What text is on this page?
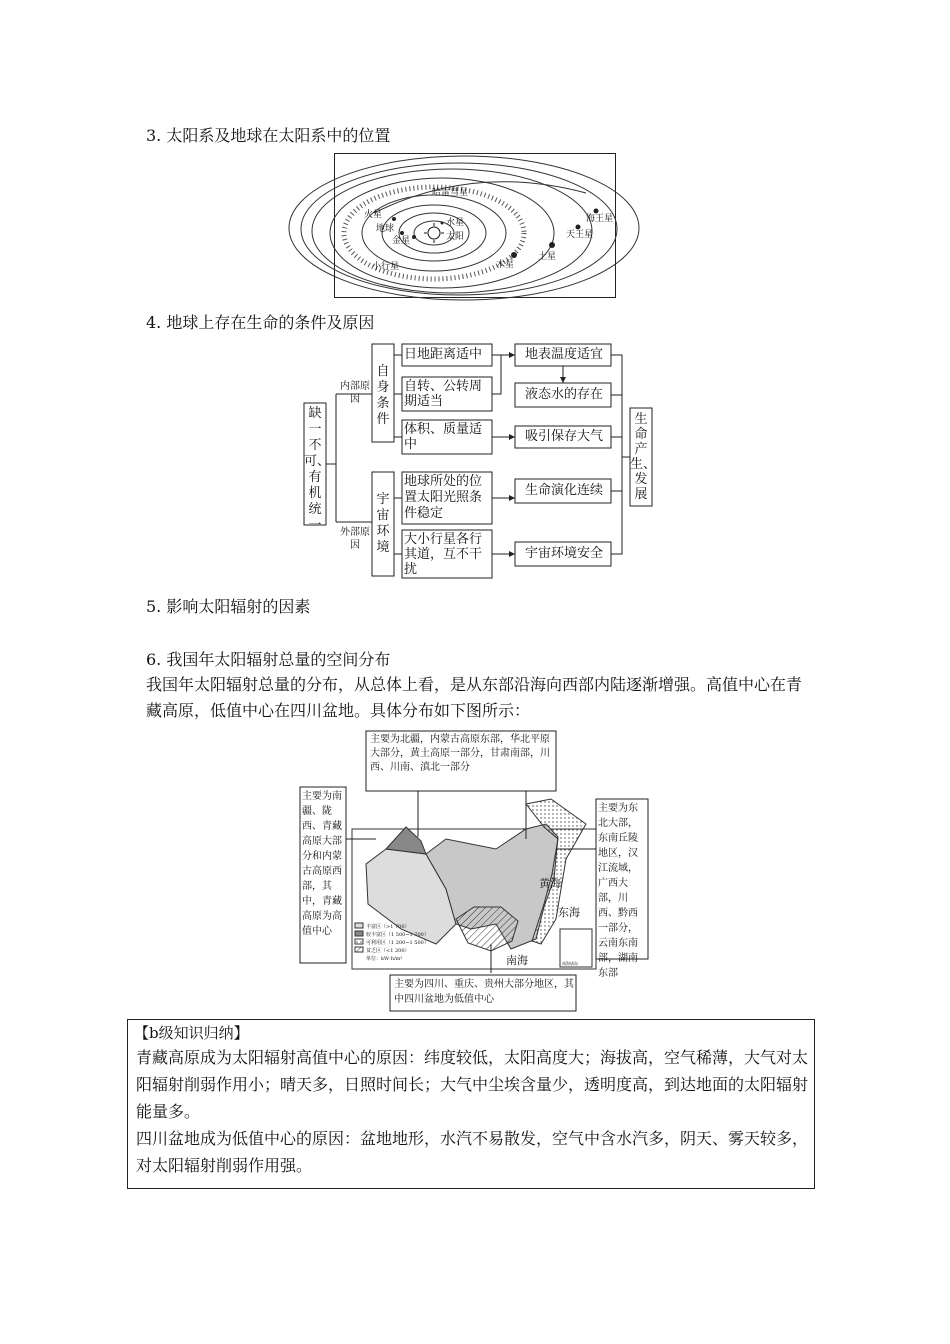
3. 太阳系及地球在太阳系中的位置
哈雷彗星
海王星
天王星
土星
木星
火星
地球
金星
水星
太阳
小行星
4. 地球上存在生命的条件及原因
缺一不可、有机统一
内部原因
外部原因
自身条件
宇宙环境
日地距离适中
自转、公转周期适当
体积、质量适中
地球所处的位置太阳光照条件稳定
大小行星各行其道，互不干扰
地表温度适宜
液态水的存在
吸引保存大气
生命演化连续
宇宙环境安全
生命产生、发展
5. 影响太阳辐射的因素
6. 我国年太阳辐射总量的空间分布
我国年太阳辐射总量的分布，从总体上看，是从东部沿海向西部内陆逐渐增强。高值中心在青藏高原，低值中心在四川盆地。具体分布如下图所示：
丰富区（>1 700）
较丰富区（1 500~1 700）
可利用区（1 200~1 500）
贫乏区（<1 200）
单位：kW·h/m²
南海诸岛
黄海
东海
南海
主要为北疆，内蒙古高原东部，华北平原大部分，黄土高原一部分，甘肃南部，川西、川南、滇北一部分
主要为南疆、陇西、青藏高原大部分和内蒙古高原西部，其中，青藏高原为高值中心
主要为东北大部，东南丘陵地区，汉江流域，广西大部，川西、黔西一部分，云南东南部，湖南东部
主要为四川、重庆、贵州大部分地区，其中四川盆地为低值中心
【b级知识归纳】
青藏高原成为太阳辐射高值中心的原因：纬度较低，太阳高度大；海拔高，空气稀薄，大气对太阳辐射削弱作用小；晴天多，日照时间长；大气中尘埃含量少，透明度高，到达地面的太阳辐射能量多。
四川盆地成为低值中心的原因：盆地地形，水汽不易散发，空气中含水汽多，阴天、雾天较多，对太阳辐射削弱作用强。
